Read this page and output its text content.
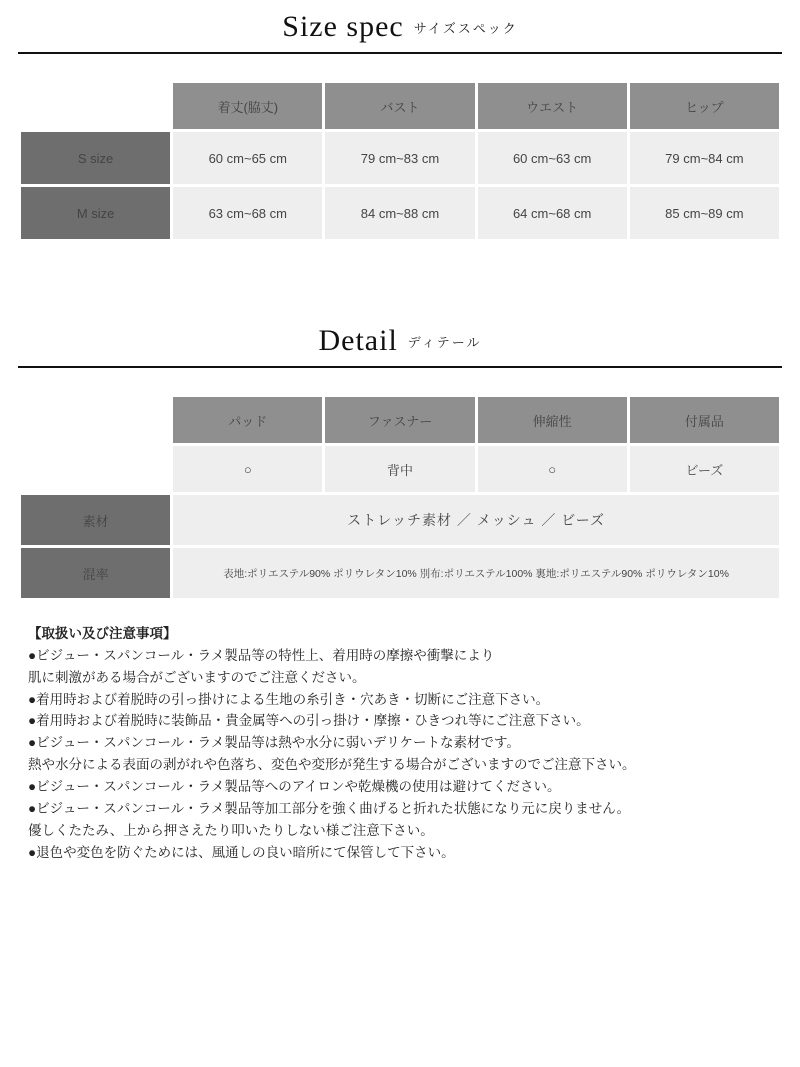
Size spec サイズスペック
	着丈(脇丈)	バスト	ウエスト	ヒップ
S size	60 cm~65 cm	79 cm~83 cm	60 cm~63 cm	79 cm~84 cm
M size	63 cm~68 cm	84 cm~88 cm	64 cm~68 cm	85 cm~89 cm
Detail ディテール
	パッド	ファスナー	伸縮性	付属品
	○	背中	○	ビーズ
素材	ストレッチ素材 ／ メッシュ ／ ビーズ			
混率	表地:ポリエステル90% ポリウレタン10% 別布:ポリエステル100% 裏地:ポリエステル90% ポリウレタン10%			

【取扱い及び注意事項】

●ビジュー・スパンコール・ラメ製品等の特性上、着用時の摩擦や衝撃により

肌に刺激がある場合がございますのでご注意ください。

●着用時および着脱時の引っ掛けによる生地の糸引き・穴あき・切断にご注意下さい。

●着用時および着脱時に装飾品・貴金属等への引っ掛け・摩擦・ひきつれ等にご注意下さい。

●ビジュー・スパンコール・ラメ製品等は熱や水分に弱いデリケートな素材です。

熱や水分による表面の剥がれや色落ち、変色や変形が発生する場合がございますのでご注意下さい。

●ビジュー・スパンコール・ラメ製品等へのアイロンや乾燥機の使用は避けてください。

●ビジュー・スパンコール・ラメ製品等加工部分を強く曲げると折れた状態になり元に戻りません。

優しくたたみ、上から押さえたり叩いたりしない様ご注意下さい。

●退色や変色を防ぐためには、風通しの良い暗所にて保管して下さい。
